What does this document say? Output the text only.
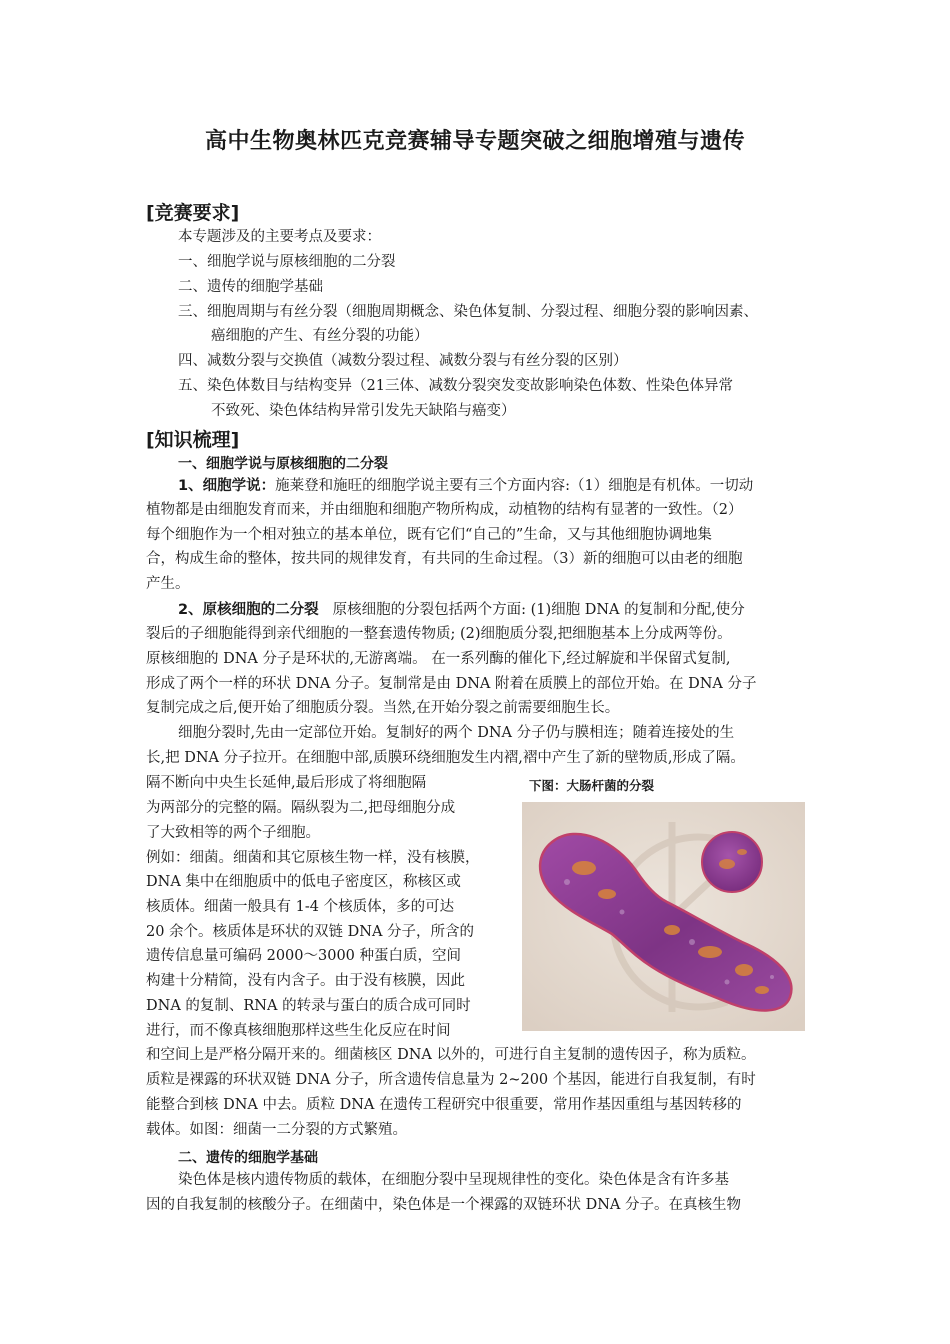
高中生物奥林匹克竞赛辅导专题突破之细胞增殖与遗传
[竞赛要求]
本专题涉及的主要考点及要求：
一、细胞学说与原核细胞的二分裂
二、遗传的细胞学基础
三、细胞周期与有丝分裂（细胞周期概念、染色体复制、分裂过程、细胞分裂的影响因素、
癌细胞的产生、有丝分裂的功能）
四、减数分裂与交换值（减数分裂过程、减数分裂与有丝分裂的区别）
五、染色体数目与结构变异（21三体、减数分裂突发变故影响染色体数、性染色体异常
不致死、染色体结构异常引发先天缺陷与癌变）
[知识梳理]
一、细胞学说与原核细胞的二分裂
1、细胞学说：施莱登和施旺的细胞学说主要有三个方面内容:（1）细胞是有机体。一切动
植物都是由细胞发育而来，并由细胞和细胞产物所构成，动植物的结构有显著的一致性。（2）
每个细胞作为一个相对独立的基本单位，既有它们“自己的”生命，又与其他细胞协调地集
合，构成生命的整体，按共同的规律发育，有共同的生命过程。（3）新的细胞可以由老的细胞
产生。
2、原核细胞的二分裂 原核细胞的分裂包括两个方面: (1)细胞 DNA 的复制和分配,使分
裂后的子细胞能得到亲代细胞的一整套遗传物质; (2)细胞质分裂,把细胞基本上分成两等份。
原核细胞的 DNA 分子是环状的,无游离端。 在一系列酶的催化下,经过解旋和半保留式复制,
形成了两个一样的环状 DNA 分子。复制常是由 DNA 附着在质膜上的部位开始。在 DNA 分子
复制完成之后,便开始了细胞质分裂。当然,在开始分裂之前需要细胞生长。
细胞分裂时,先由一定部位开始。复制好的两个 DNA 分子仍与膜相连；随着连接处的生
长,把 DNA 分子拉开。在细胞中部,质膜环绕细胞发生内褶,褶中产生了新的壁物质,形成了隔。
隔不断向中央生长延伸,最后形成了将细胞隔	下图：大肠杆菌的分裂
为两部分的完整的隔。隔纵裂为二,把母细胞分成
了大致相等的两个子细胞。
例如：细菌。细菌和其它原核生物一样，没有核膜，
DNA 集中在细胞质中的低电子密度区，称核区或
核质体。细菌一般具有 1-4 个核质体，多的可达
20 余个。核质体是环状的双链 DNA 分子，所含的
遗传信息量可编码 2000～3000 种蛋白质，空间
构建十分精简，没有内含子。由于没有核膜，因此
DNA 的复制、RNA 的转录与蛋白的质合成可同时
进行，而不像真核细胞那样这些生化反应在时间
和空间上是严格分隔开来的。细菌核区 DNA 以外的，可进行自主复制的遗传因子，称为质粒。
质粒是裸露的环状双链 DNA 分子，所含遗传信息量为 2~200 个基因，能进行自我复制，有时
能整合到核 DNA 中去。质粒 DNA 在遗传工程研究中很重要，常用作基因重组与基因转移的
载体。如图：细菌一二分裂的方式繁殖。
二、遗传的细胞学基础
染色体是核内遗传物质的载体，在细胞分裂中呈现规律性的变化。染色体是含有许多基
因的自我复制的核酸分子。在细菌中，染色体是一个裸露的双链环状 DNA 分子。在真核生物
